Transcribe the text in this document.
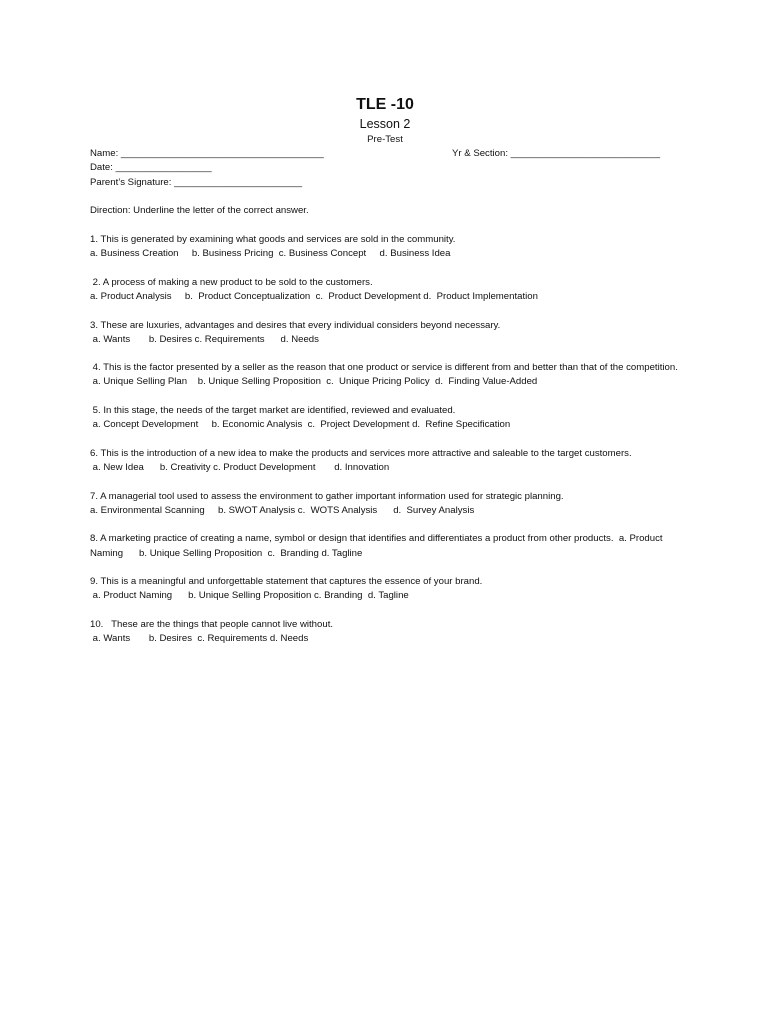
TLE -10
Lesson 2
Pre-Test
Name: ______________________________________
Date: __________________
Parent’s Signature: ________________________
Yr & Section: ____________________________
Direction: Underline the letter of the correct answer.

1. This is generated by examining what goods and services are sold in the community.

a. Business Creation     b. Business Pricing  c. Business Concept     d. Business Idea

2. A process of making a new product to be sold to the customers.

a. Product Analysis     b.  Product Conceptualization  c.  Product Development d.  Product Implementation

3. These are luxuries, advantages and desires that every individual considers beyond necessary.

a. Wants       b. Desires c. Requirements      d. Needs

4. This is the factor presented by a seller as the reason that one product or service is different from and better than that of the competition.

a. Unique Selling Plan    b. Unique Selling Proposition  c.  Unique Pricing Policy  d.  Finding Value-Added

5. In this stage, the needs of the target market are identified, reviewed and evaluated.

a. Concept Development     b. Economic Analysis  c.  Project Development d.  Refine Specification

6. This is the introduction of a new idea to make the products and services more attractive and saleable to the target customers.

a. New Idea      b. Creativity c. Product Development       d. Innovation

7. A managerial tool used to assess the environment to gather important information used for strategic planning.

a. Environmental Scanning     b. SWOT Analysis c.  WOTS Analysis      d.  Survey Analysis

8. A marketing practice of creating a name, symbol or design that identifies and differentiates a product from other products.  a. Product Naming      b. Unique Selling Proposition  c.  Branding d. Tagline

9. This is a meaningful and unforgettable statement that captures the essence of your brand.

a. Product Naming      b. Unique Selling Proposition c. Branding  d. Tagline

10.   These are the things that people cannot live without.

a. Wants       b. Desires  c. Requirements d. Needs
